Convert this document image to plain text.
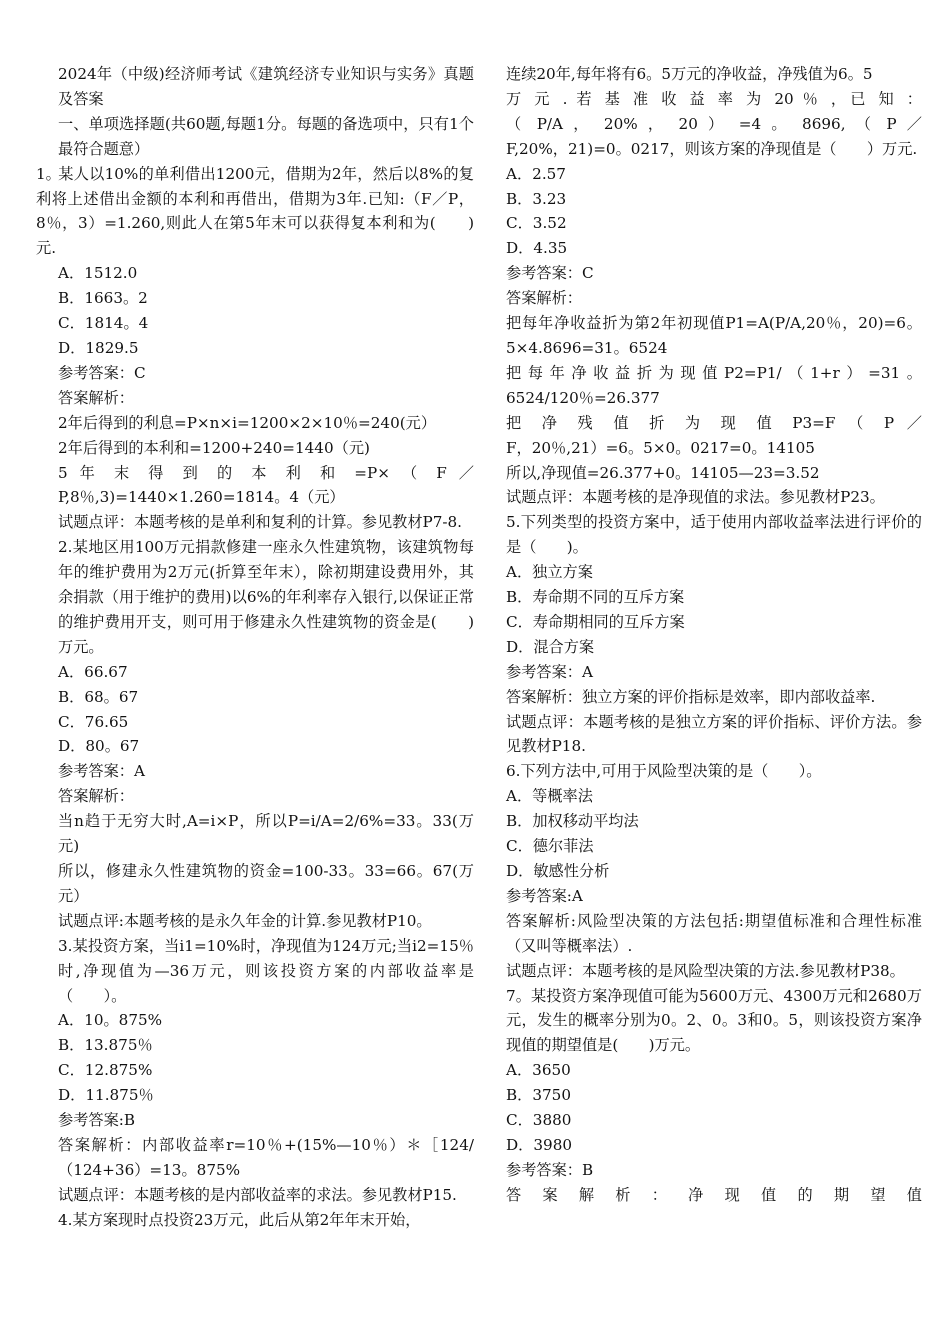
2024年（中级)经济师考试《建筑经济专业知识与实务》真题及答案

一、单项选择题(共60题,每题1分。每题的备选项中，只有1个最符合题意）

1。某人以10%的单利借出1200元，借期为2年，然后以8%的复利将上述借出金额的本利和再借出，借期为3年.已知:（F／P，8％，3）=1.260,则此人在第5年末可以获得复本利和为(　　)元.

A．1512.0

B．1663。2

C．1814。4

D．1829.5

参考答案：C

答案解析：

2年后得到的利息=P×n×i=1200×2×10％=240(元）

2年后得到的本利和=1200+240=1440（元)

5 年 末 得 到 的 本 利 和 =P× （ F ／

P,8％,3)=1440×1.260=1814。4（元）

试题点评：本题考核的是单利和复利的计算。参见教材P7-8.

2.某地区用100万元捐款修建一座永久性建筑物，该建筑物每年的维护费用为2万元(折算至年末），除初期建设费用外，其余捐款（用于维护的费用)以6%的年利率存入银行,以保证正常的维护费用开支，则可用于修建永久性建筑物的资金是(　　)万元。

A．66.67

B．68。67

C．76.65

D．80。67

参考答案：A

答案解析：

当n趋于无穷大时,A=i×P，所以P=i/A=2/6%=33。33(万元)

所以，修建永久性建筑物的资金=100-33。33=66。67(万元）

试题点评:本题考核的是永久年金的计算.参见教材P10。

3.某投资方案，当i1=10%时，净现值为124万元;当i2=15％时,净现值为—36万元，则该投资方案的内部收益率是（　　）。

A．10。875%

B．13.875％

C．12.875%

D．11.875％

参考答案:B

答案解析：内部收益率r=10％+(15%—10％）＊［124/（124+36）=13。875%

试题点评：本题考核的是内部收益率的求法。参见教材P15.

4.某方案现时点投资23万元，此后从第2年年末开始，

连续20年,每年将有6。5万元的净收益，净残值为6。5

万 元 . 若 基 准 收 益 率 为 20 ％ ，已 知 ：

（ P/A ， 20% ， 20 ） =4 。 8696, （ P ／

F,20%，21)=0。0217，则该方案的净现值是（　　）万元.

A．2.57

B．3.23

C．3.52

D．4.35

参考答案：C

答案解析：

把每年净收益折为第2年初现值P1=A(P/A,20％，20)=6。5×4.8696=31。6524

把每年净收益折为现值P2=P1/（1+r）=31。6524/120％=26.377

把 净 残 值 折 为 现 值 P3=F （ P ／

F，20％,21）=6。5×0。0217=0。14105

所以,净现值=26.377+0。14105—23=3.52

试题点评：本题考核的是净现值的求法。参见教材P23。

5.下列类型的投资方案中，适于使用内部收益率法进行评价的是（　　)。

A．独立方案

B．寿命期不同的互斥方案

C．寿命期相同的互斥方案

D．混合方案

参考答案：A

答案解析：独立方案的评价指标是效率，即内部收益率.

试题点评：本题考核的是独立方案的评价指标、评价方法。参见教材P18.

6.下列方法中,可用于风险型决策的是（　　）。

A．等概率法

B．加权移动平均法

C．德尔菲法

D．敏感性分析

参考答案:A

答案解析:风险型决策的方法包括:期望值标准和合理性标准（又叫等概率法）.

试题点评：本题考核的是风险型决策的方法.参见教材P38。

7。某投资方案净现值可能为5600万元、4300万元和2680万元，发生的概率分别为0。2、0。3和0。5，则该投资方案净现值的期望值是(　　)万元。

A．3650

B．3750

C．3880

D．3980

参考答案：B

答 案 解 析 ： 净 现 值 的 期 望 值
